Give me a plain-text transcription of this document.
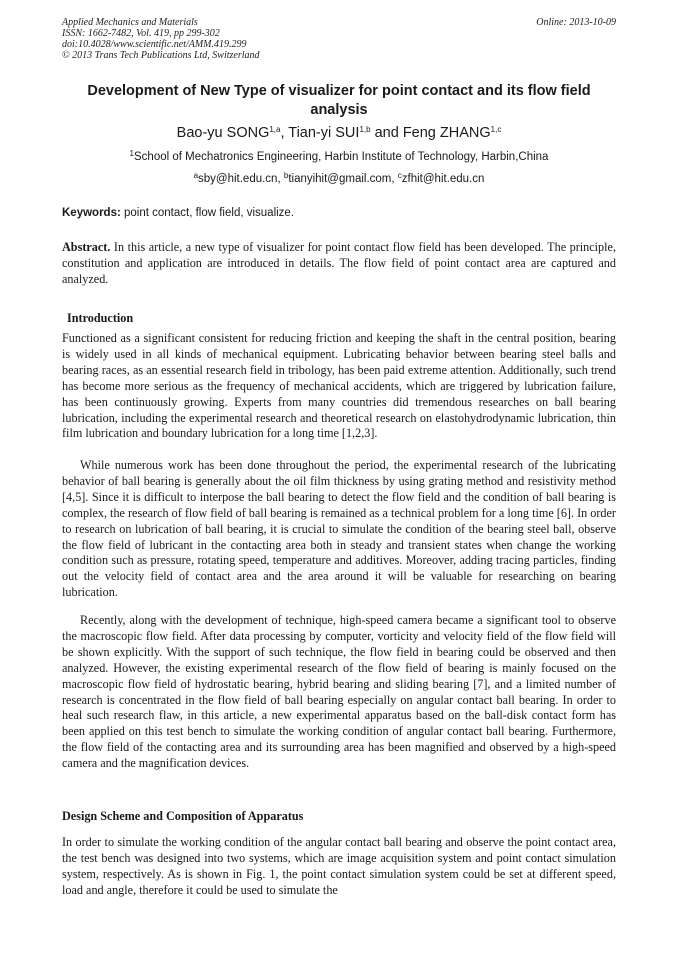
Applied Mechanics and Materials
ISSN: 1662-7482, Vol. 419, pp 299-302
doi:10.4028/www.scientific.net/AMM.419.299
© 2013 Trans Tech Publications Ltd, Switzerland
Online: 2013-10-09
Development of New Type of visualizer for point contact and its flow field analysis
Bao-yu SONG$^{1,a}$, Tian-yi SUI$^{1,b}$ and Feng ZHANG$^{1,c}$
$^1$School of Mechatronics Engineering, Harbin Institute of Technology, Harbin,China
$^a$sby@hit.edu.cn, $^b$tianyihit@gmail.com, $^c$zfhit@hit.edu.cn
Keywords: point contact, flow field, visualize.

Abstract. In this article, a new type of visualizer for point contact flow field has been developed. The principle, constitution and application are introduced in details. The flow field of point contact area are captured and analyzed.

Introduction

Functioned as a significant consistent for reducing friction and keeping the shaft in the central position, bearing is widely used in all kinds of mechanical equipment. Lubricating behavior between bearing steel balls and bearing races, as an essential research field in tribology, has been paid extreme attention. Additionally, such trend has become more serious as the frequency of mechanical accidents, which are triggered by lubrication failure, has been continuously growing. Experts from many countries did tremendous researches on ball bearing lubrication, including the experimental research and theoretical research on elastohydrodynamic lubrication, thin film lubrication and boundary lubrication for a long time [1,2,3].

While numerous work has been done throughout the period, the experimental research of the lubricating behavior of ball bearing is generally about the oil film thickness by using grating method and resistivity method [4,5]. Since it is difficult to interpose the ball bearing to detect the flow field and the condition of ball bearing is complex, the research of flow field of ball bearing is remained as a technical problem for a long time [6]. In order to research on lubrication of ball bearing, it is crucial to simulate the condition of the bearing steel ball, observe the flow field of lubricant in the contacting area both in steady and transient states when change the working condition such as pressure, rotating speed, temperature and additives. Moreover, adding tracing particles, finding out the velocity field of contact area and the area around it will be valuable for researching on bearing lubrication.

Recently, along with the development of technique, high-speed camera became a significant tool to observe the macroscopic flow field. After data processing by computer, vorticity and velocity field of the flow field will be shown explicitly. With the support of such technique, the flow field in bearing could be observed and then analyzed. However, the existing experimental research of the flow field of bearing is mainly focused on the macroscopic flow field of hydrostatic bearing, hybrid bearing and sliding bearing [7], and a limited number of research is concentrated in the flow field of ball bearing especially on angular contact ball bearing. In order to heal such research flaw, in this article, a new experimental apparatus based on the ball-disk contact form has been applied on this test bench to simulate the working condition of angular contact ball bearing. Furthermore, the flow field of the contacting area and its surrounding area has been magnified and observed by a high-speed camera and the magnification devices.

Design Scheme and Composition of Apparatus

In order to simulate the working condition of the angular contact ball bearing and observe the point contact area, the test bench was designed into two systems, which are image acquisition system and point contact simulation system, respectively. As is shown in Fig. 1, the point contact simulation system could be set at different speed, load and angle, therefore it could be used to simulate the
